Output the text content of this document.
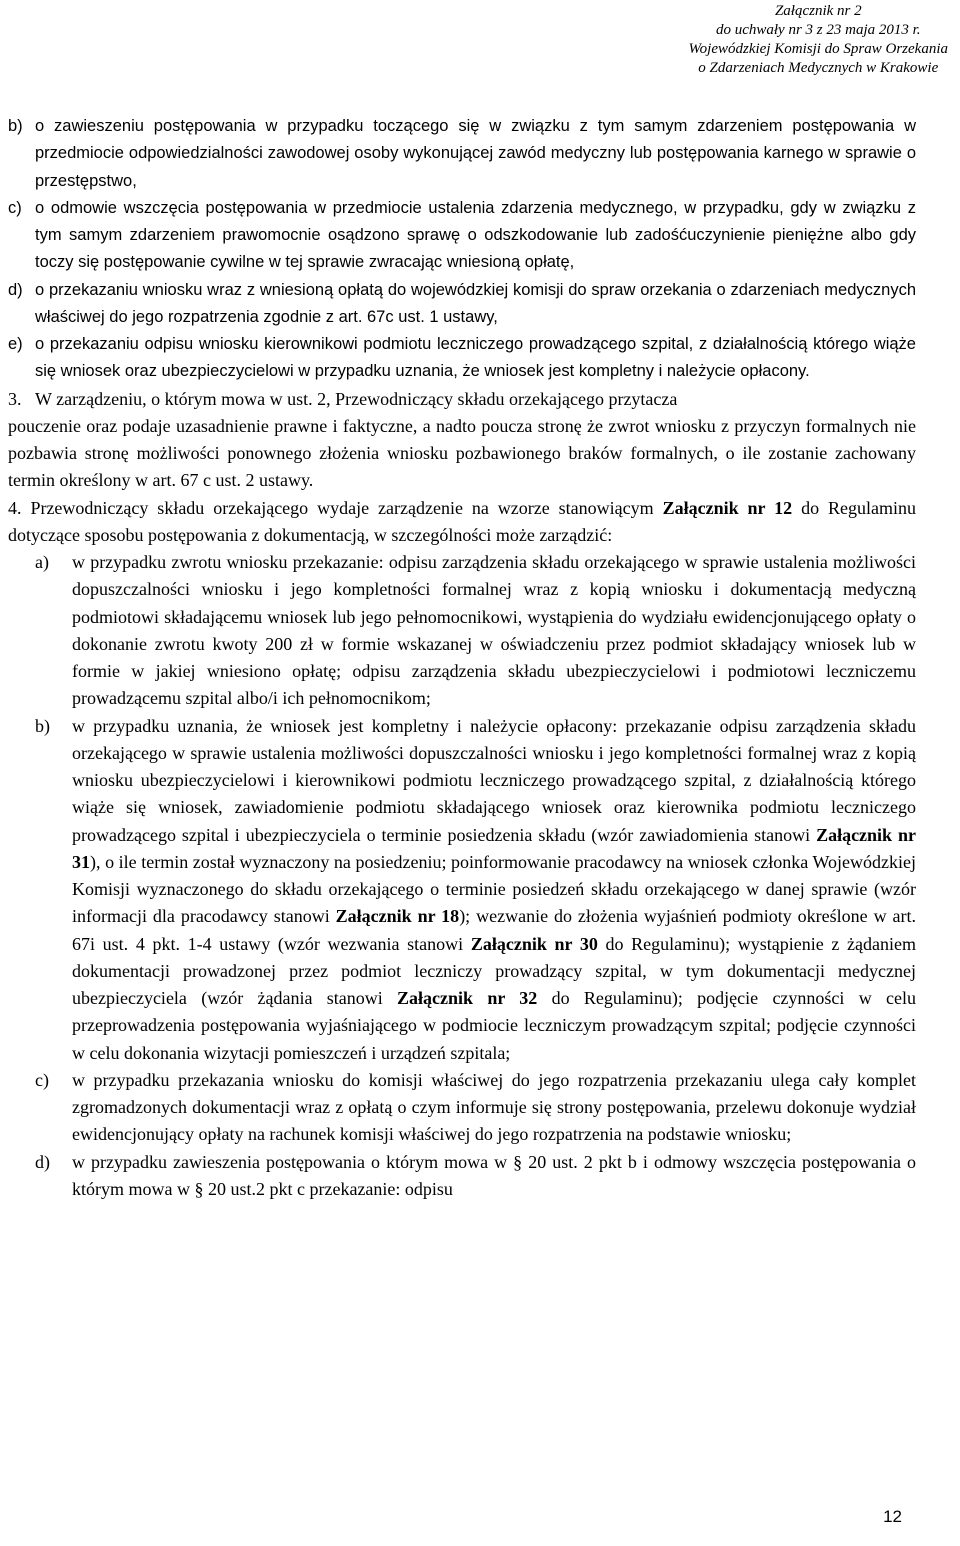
Załącznik nr 2
do uchwały nr 3 z 23 maja 2013 r.
Wojewódzkiej Komisji do Spraw Orzekania
o Zdarzeniach Medycznych w Krakowie
b) o zawieszeniu postępowania w przypadku toczącego się w związku z tym samym zdarzeniem postępowania w przedmiocie odpowiedzialności zawodowej osoby wykonującej zawód medyczny lub postępowania karnego w sprawie o przestępstwo,
c) o odmowie wszczęcia postępowania w przedmiocie ustalenia zdarzenia medycznego, w przypadku, gdy w związku z tym samym zdarzeniem prawomocnie osądzono sprawę o odszkodowanie lub zadośćuczynienie pieniężne albo gdy toczy się postępowanie cywilne w tej sprawie zwracając wniesioną opłatę,
d) o przekazaniu wniosku wraz z wniesioną opłatą do wojewódzkiej komisji do spraw orzekania o zdarzeniach medycznych właściwej do jego rozpatrzenia zgodnie z art. 67c ust. 1 ustawy,
e) o przekazaniu odpisu wniosku kierownikowi podmiotu leczniczego prowadzącego szpital, z działalnością którego wiąże się wniosek oraz ubezpieczycielowi w przypadku uznania, że wniosek jest kompletny i należycie opłacony.
3. W zarządzeniu, o którym mowa w ust. 2, Przewodniczący składu orzekającego przytacza
pouczenie oraz podaje uzasadnienie prawne i faktyczne, a nadto poucza stronę że zwrot wniosku z przyczyn formalnych nie pozbawia stronę możliwości ponownego złożenia wniosku pozbawionego braków formalnych, o ile zostanie zachowany termin określony w art. 67 c ust. 2 ustawy.
4. Przewodniczący składu orzekającego wydaje zarządzenie na wzorze stanowiącym Załącznik nr 12 do Regulaminu dotyczące sposobu postępowania z dokumentacją, w szczególności może zarządzić:
a) w przypadku zwrotu wniosku przekazanie: odpisu zarządzenia składu orzekającego w sprawie ustalenia możliwości dopuszczalności wniosku i jego kompletności formalnej wraz z kopią wniosku i dokumentacją medyczną podmiotowi składającemu wniosek lub jego pełnomocnikowi, wystąpienia do wydziału ewidencjonującego opłaty o dokonanie zwrotu kwoty 200 zł w formie wskazanej w oświadczeniu przez podmiot składający wniosek lub w formie w jakiej wniesiono opłatę; odpisu zarządzenia składu ubezpieczycielowi i podmiotowi leczniczemu prowadzącemu szpital albo/i ich pełnomocnikom;
b) w przypadku uznania, że wniosek jest kompletny i należycie opłacony: przekazanie odpisu zarządzenia składu orzekającego w sprawie ustalenia możliwości dopuszczalności wniosku i jego kompletności formalnej wraz z kopią wniosku ubezpieczycielowi i kierownikowi podmiotu leczniczego prowadzącego szpital, z działalnością którego wiąże się wniosek, zawiadomienie podmiotu składającego wniosek oraz kierownika podmiotu leczniczego prowadzącego szpital i ubezpieczyciela o terminie posiedzenia składu (wzór zawiadomienia stanowi Załącznik nr 31), o ile termin został wyznaczony na posiedzeniu; poinformowanie pracodawcy na wniosek członka Wojewódzkiej Komisji wyznaczonego do składu orzekającego o terminie posiedzeń składu orzekającego w danej sprawie (wzór informacji dla pracodawcy stanowi Załącznik nr 18); wezwanie do złożenia wyjaśnień podmioty określone w art. 67i ust. 4 pkt. 1-4 ustawy (wzór wezwania stanowi Załącznik nr 30 do Regulaminu); wystąpienie z żądaniem dokumentacji prowadzonej przez podmiot leczniczy prowadzący szpital, w tym dokumentacji medycznej ubezpieczyciela (wzór żądania stanowi Załącznik nr 32 do Regulaminu); podjęcie czynności w celu przeprowadzenia postępowania wyjaśniającego w podmiocie leczniczym prowadzącym szpital; podjęcie czynności w celu dokonania wizytacji pomieszczeń i urządzeń szpitala;
c) w przypadku przekazania wniosku do komisji właściwej do jego rozpatrzenia przekazaniu ulega cały komplet zgromadzonych dokumentacji wraz z opłatą o czym informuje się strony postępowania, przelewu dokonuje wydział ewidencjonujący opłaty na rachunek komisji właściwej do jego rozpatrzenia na podstawie wniosku;
d) w przypadku zawieszenia postępowania o którym mowa w § 20 ust. 2 pkt b i odmowy wszczęcia postępowania o którym mowa w § 20 ust.2 pkt c przekazanie: odpisu
12
